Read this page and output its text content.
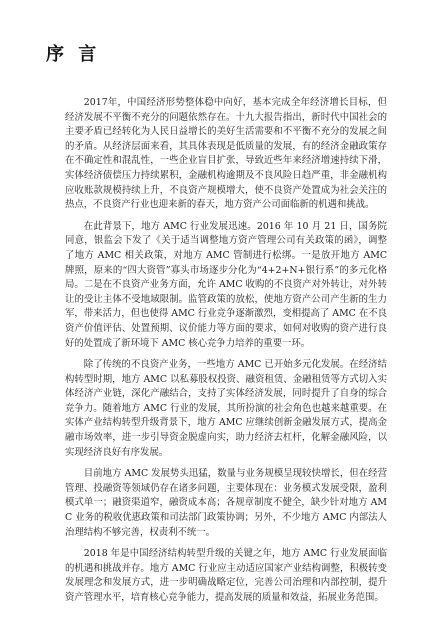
序 言

2017年，中国经济形势整体稳中向好，基本完成全年经济增长目标，但经济发展不平衡不充分的问题依然存在。十九大报告指出，新时代中国社会的主要矛盾已经转化为人民日益增长的美好生活需要和不平衡不充分的发展之间的矛盾。从经济层面来看，其具体表现是低质量的发展，有的经济金融政策存在不确定性和混乱性，一些企业盲目扩张，导致近些年来经济增速持续下滑，实体经济债偿压力持续累积，金融机构逾期及不良风险日趋严重，非金融机构应收账款规模持续上升，不良资产规模增大，使不良资产处置成为社会关注的热点，不良资产行业也迎来新的春天，地方资产公司面临新的机遇和挑战。

在此背景下，地方 AMC 行业发展迅速。2016 年 10 月 21 日，国务院同意，银监会下发了《关于适当调整地方资产管理公司有关政策的函》，调整了地方 AMC 相关政策，对地方 AMC 管制进行松绑。一是放开地方 AMC 牌照，原来的“四大资管”寡头市场逐步分化为“4+2+N+银行系”的多元化格局。二是在不良资产业务方面，允许 AMC 收购的不良资产对外转让，对外转让的受让主体不受地域限制。监管政策的放松，使地方资产公司产生新的生力军，带来活力，但也使得 AMC 行业竞争逐渐激烈，变相提高了 AMC 在不良资产价值评估、处置预期、议价能力等方面的要求，如何对收购的资产进行良好的处置成了新环境下 AMC 核心竞争力培养的重要一环。

除了传统的不良资产业务，一些地方 AMC 已开始多元化发展。在经济结构转型时期，地方 AMC 以私募股权投资、融资租赁、金融租赁等方式切入实体经济产业链，深化产融结合，支持了实体经济发展，同时提升了自身的综合竞争力。随着地方 AMC 行业的发展，其所扮演的社会角色也越来越重要。在实体产业结构转型升级背景下，地方 AMC 应继续创新金融发展方式，提高金融市场效率，进一步引导资金脱虚向实，助力经济去杠杆，化解金融风险，以实现经济良好有序发展。

目前地方 AMC 发展势头迅猛，数量与业务规模呈现较快增长，但在经营管理、投融资等领域仍存在诸多问题，主要体现在：业务模式发展受限，盈利模式单一；融资渠道窄，融资成本高；各规章制度不健全，缺少针对地方 AMC 业务的税收优惠政策和司法部门政策协调；另外，不少地方 AMC 内部法人治理结构不够完善，权责利不统一。

2018 年是中国经济结构转型升级的关键之年，地方 AMC 行业发展面临的机遇和挑战并存。地方 AMC 行业应主动适应国家产业结构调整，积极转变发展理念和发展方式，进一步明确战略定位，完善公司治理和内部控制，提升资产管理水平，培育核心竞争能力，提高发展的质量和效益，拓展业务范围。
